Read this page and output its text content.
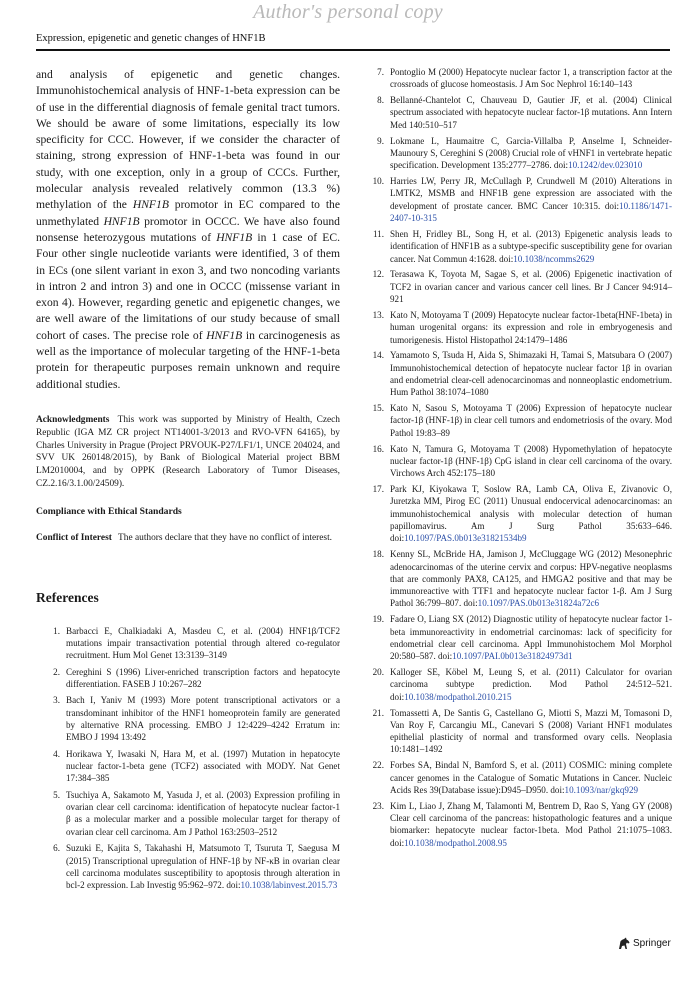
Author's personal copy
Expression, epigenetic and genetic changes of HNF1B

and analysis of epigenetic and genetic changes. Immunohistochemical analysis of HNF-1-beta expression can be of use in the differential diagnosis of female genital tract tumors. We should be aware of some limitations, especially its low specificity for CCC. However, if we consider the character of staining, strong expression of HNF-1-beta was found in our study, with one exception, only in a group of CCCs. Further, molecular analysis revealed relatively common (13.3 %) methylation of the HNF1B promotor in EC compared to the unmethylated HNF1B promotor in OCCC. We have also found nonsense heterozygous mutations of HNF1B in 1 case of EC. Four other single nucleotide variants were identified, 3 of them in ECs (one silent variant in exon 3, and two noncoding variants in intron 2 and intron 3) and one in OCCC (missense variant in exon 4). However, regarding genetic and epigenetic changes, we are well aware of the limitations of our study because of small cohort of cases. The precise role of HNF1B in carcinogenesis as well as the importance of molecular targeting of the HNF-1-beta protein for therapeutic purposes remain unknown and require additional studies.

Acknowledgments This work was supported by Ministry of Health, Czech Republic (IGA MZ CR project NT14001-3/2013 and RVO-VFN 64165), by Charles University in Prague (Project PRVOUK-P27/LF1/1, UNCE 204024, and SVV UK 260148/2015), by Bank of Biological Material project BBM LM2010004, and by OPPK (Research Laboratory of Tumor Diseases, CZ.2.16/3.1.00/24509).

Compliance with Ethical Standards

Conflict of Interest The authors declare that they have no conflict of interest.

References

1. Barbacci E, Chalkiadaki A, Masdeu C, et al. (2004) HNF1β/TCF2 mutations impair transactivation potential through altered co-regulator recruitment. Hum Mol Genet 13:3139–3149
2. Cereghini S (1996) Liver-enriched transcription factors and hepatocyte differentiation. FASEB J 10:267–282
3. Bach I, Yaniv M (1993) More potent transcriptional activators or a transdominant inhibitor of the HNF1 homeoprotein family are generated by alternative RNA processing. EMBO J 12:4229–4242 Erratum in: EMBO J 1994 13:492
4. Horikawa Y, Iwasaki N, Hara M, et al. (1997) Mutation in hepatocyte nuclear factor-1-beta gene (TCF2) associated with MODY. Nat Genet 17:384–385
5. Tsuchiya A, Sakamoto M, Yasuda J, et al. (2003) Expression profiling in ovarian clear cell carcinoma: identification of hepatocyte nuclear factor-1 β as a molecular marker and a possible molecular target for therapy of ovarian clear cell carcinoma. Am J Pathol 163:2503–2512
6. Suzuki E, Kajita S, Takahashi H, Matsumoto T, Tsuruta T, Saegusa M (2015) Transcriptional upregulation of HNF-1β by NF-κB in ovarian clear cell carcinoma modulates susceptibility to apoptosis through alteration in bcl-2 expression. Lab Investig 95:962–972. doi:10.1038/labinvest.2015.73
7. Pontoglio M (2000) Hepatocyte nuclear factor 1, a transcription factor at the crossroads of glucose homeostasis. J Am Soc Nephrol 16:140–143
8. Bellanné-Chantelot C, Chauveau D, Gautier JF, et al. (2004) Clinical spectrum associated with hepatocyte nuclear factor-1β mutations. Ann Intern Med 140:510–517
9. Lokmane L, Haumaitre C, Garcia-Villalba P, Anselme I, Schneider-Maunoury S, Cereghini S (2008) Crucial role of vHNF1 in vertebrate hepatic specification. Development 135:2777–2786. doi:10.1242/dev.023010
10. Harries LW, Perry JR, McCullagh P, Crundwell M (2010) Alterations in LMTK2, MSMB and HNF1B gene expression are associated with the development of prostate cancer. BMC Cancer 10:315. doi:10.1186/1471-2407-10-315
11. Shen H, Fridley BL, Song H, et al. (2013) Epigenetic analysis leads to identification of HNF1B as a subtype-specific susceptibility gene for ovarian cancer. Nat Commun 4:1628. doi:10.1038/ncomms2629
12. Terasawa K, Toyota M, Sagae S, et al. (2006) Epigenetic inactivation of TCF2 in ovarian cancer and various cancer cell lines. Br J Cancer 94:914–921
13. Kato N, Motoyama T (2009) Hepatocyte nuclear factor-1beta(HNF-1beta) in human urogenital organs: its expression and role in embryogenesis and tumorigenesis. Histol Histopathol 24:1479–1486
14. Yamamoto S, Tsuda H, Aida S, Shimazaki H, Tamai S, Matsubara O (2007) Immunohistochemical detection of hepatocyte nuclear factor 1β in ovarian and endometrial clear-cell adenocarcinomas and nonneoplastic endometrium. Hum Pathol 38:1074–1080
15. Kato N, Sasou S, Motoyama T (2006) Expression of hepatocyte nuclear factor-1β (HNF-1β) in clear cell tumors and endometriosis of the ovary. Mod Pathol 19:83–89
16. Kato N, Tamura G, Motoyama T (2008) Hypomethylation of hepatocyte nuclear factor-1β (HNF-1β) CpG island in clear cell carcinoma of the ovary. Virchows Arch 452:175–180
17. Park KJ, Kiyokawa T, Soslow RA, Lamb CA, Oliva E, Zivanovic O, Juretzka MM, Pirog EC (2011) Unusual endocervical adenocarcinomas: an immunohistochemical analysis with molecular detection of human papillomavirus. Am J Surg Pathol 35:633–646. doi:10.1097/PAS.0b013e31821534b9
18. Kenny SL, McBride HA, Jamison J, McCluggage WG (2012) Mesonephric adenocarcinomas of the uterine cervix and corpus: HPV-negative neoplasms that are commonly PAX8, CA125, and HMGA2 positive and that may be immunoreactive with TTF1 and hepatocyte nuclear factor 1-β. Am J Surg Pathol 36:799–807. doi:10.1097/PAS.0b013e31824a72c6
19. Fadare O, Liang SX (2012) Diagnostic utility of hepatocyte nuclear factor 1-beta immunoreactivity in endometrial carcinomas: lack of specificity for endometrial clear cell carcinoma. Appl Immunohistochem Mol Morphol 20:580–587. doi:10.1097/PAI.0b013e31824973d1
20. Kalloger SE, Köbel M, Leung S, et al. (2011) Calculator for ovarian carcinoma subtype prediction. Mod Pathol 24:512–521. doi:10.1038/modpathol.2010.215
21. Tomassetti A, De Santis G, Castellano G, Miotti S, Mazzi M, Tomasoni D, Van Roy F, Carcangiu ML, Canevari S (2008) Variant HNF1 modulates epithelial plasticity of normal and transformed ovary cells. Neoplasia 10:1481–1492
22. Forbes SA, Bindal N, Bamford S, et al. (2011) COSMIC: mining complete cancer genomes in the Catalogue of Somatic Mutations in Cancer. Nucleic Acids Res 39(Database issue):D945–D950. doi:10.1093/nar/gkq929
23. Kim L, Liao J, Zhang M, Talamonti M, Bentrem D, Rao S, Yang GY (2008) Clear cell carcinoma of the pancreas: histopathologic features and a unique biomarker: hepatocyte nuclear factor-1beta. Mod Pathol 21:1075–1083. doi:10.1038/modpathol.2008.95
Springer
